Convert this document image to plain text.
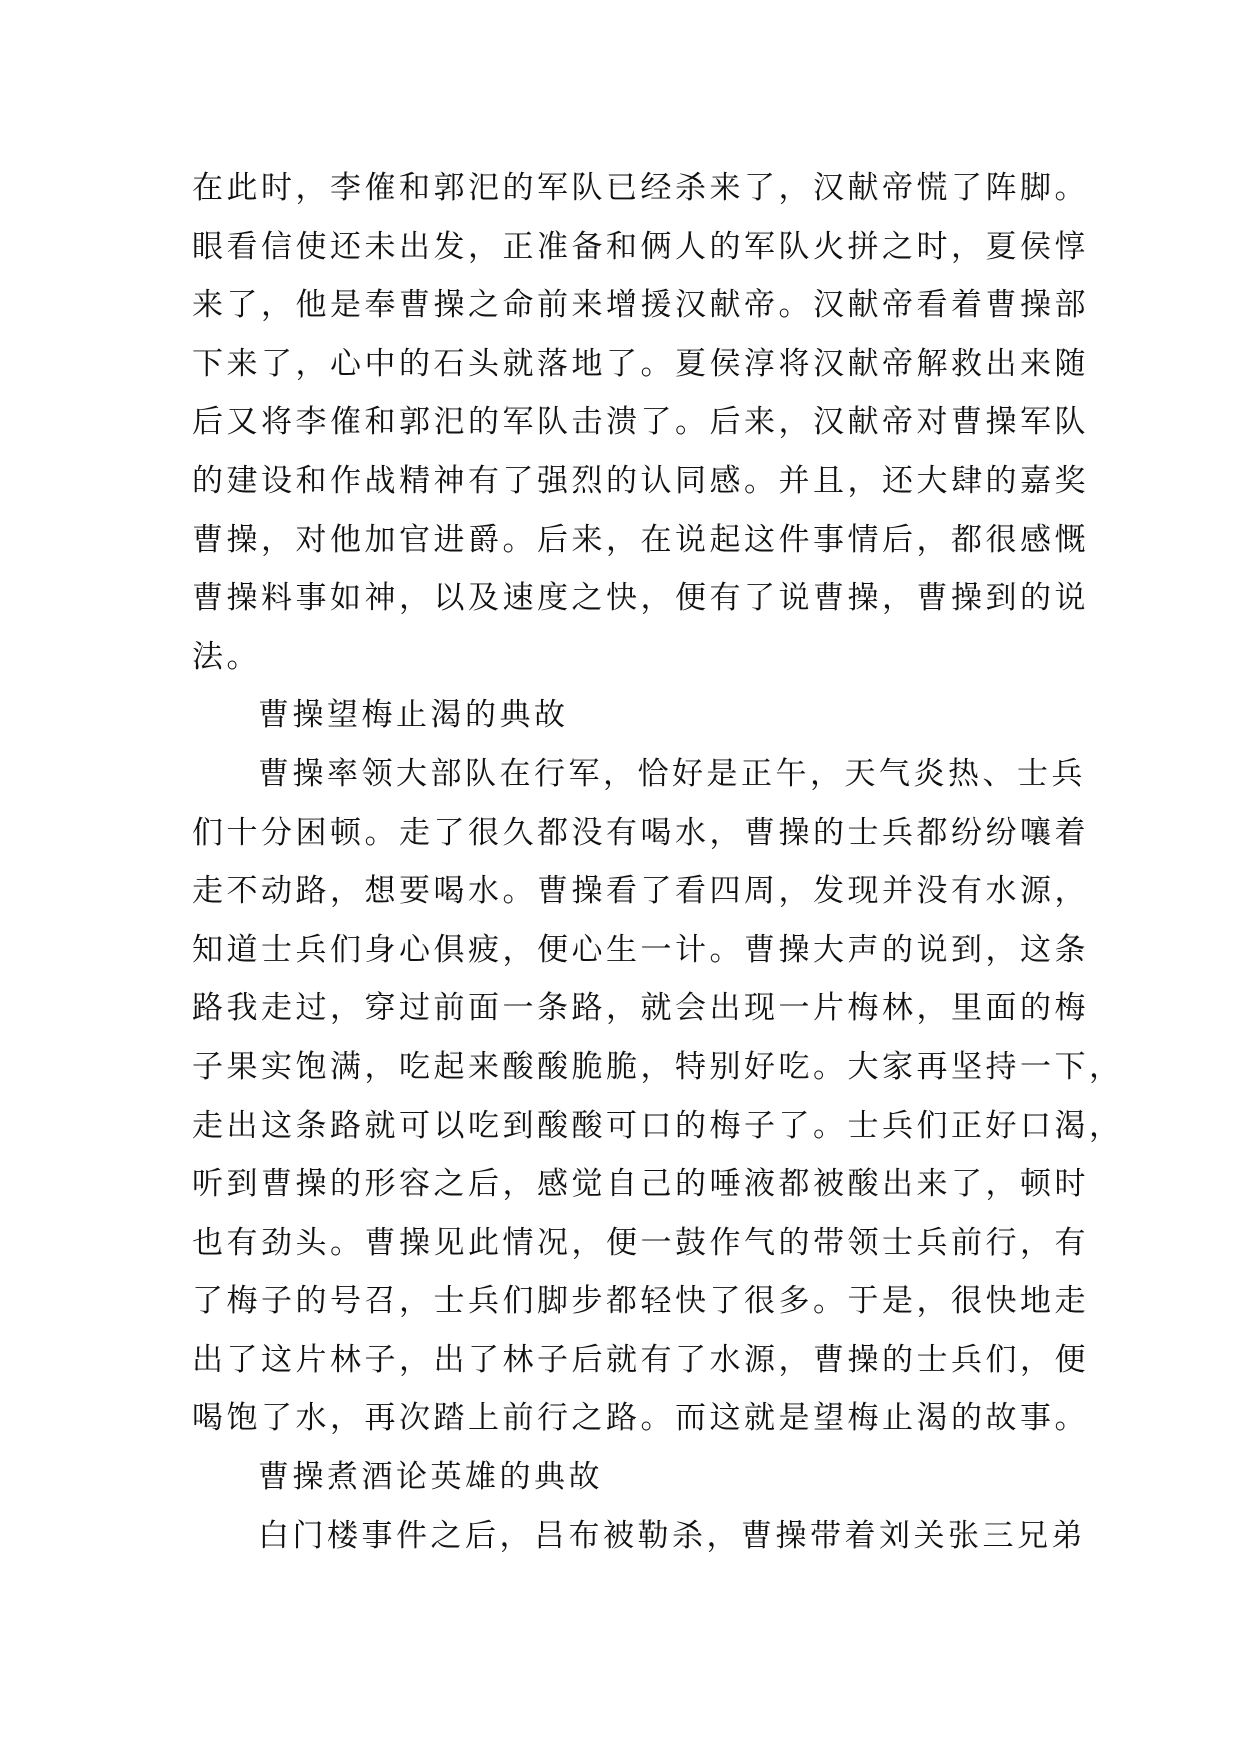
在此时，李傕和郭汜的军队已经杀来了，汉献帝慌了阵脚。
眼看信使还未出发，正准备和俩人的军队火拼之时，夏侯惇
来了，他是奉曹操之命前来增援汉献帝。汉献帝看着曹操部
下来了，心中的石头就落地了。夏侯淳将汉献帝解救出来随
后又将李傕和郭汜的军队击溃了。后来，汉献帝对曹操军队
的建设和作战精神有了强烈的认同感。并且，还大肆的嘉奖
曹操，对他加官进爵。后来，在说起这件事情后，都很感慨
曹操料事如神，以及速度之快，便有了说曹操，曹操到的说
法。
曹操望梅止渴的典故
曹操率领大部队在行军，恰好是正午，天气炎热、士兵
们十分困顿。走了很久都没有喝水，曹操的士兵都纷纷嚷着
走不动路，想要喝水。曹操看了看四周，发现并没有水源，
知道士兵们身心俱疲，便心生一计。曹操大声的说到，这条
路我走过，穿过前面一条路，就会出现一片梅林，里面的梅
子果实饱满，吃起来酸酸脆脆，特别好吃。大家再坚持一下，
走出这条路就可以吃到酸酸可口的梅子了。士兵们正好口渴，
听到曹操的形容之后，感觉自己的唾液都被酸出来了，顿时
也有劲头。曹操见此情况，便一鼓作气的带领士兵前行，有
了梅子的号召，士兵们脚步都轻快了很多。于是，很快地走
出了这片林子，出了林子后就有了水源，曹操的士兵们，便
喝饱了水，再次踏上前行之路。而这就是望梅止渴的故事。
曹操煮酒论英雄的典故
白门楼事件之后，吕布被勒杀，曹操带着刘关张三兄弟
